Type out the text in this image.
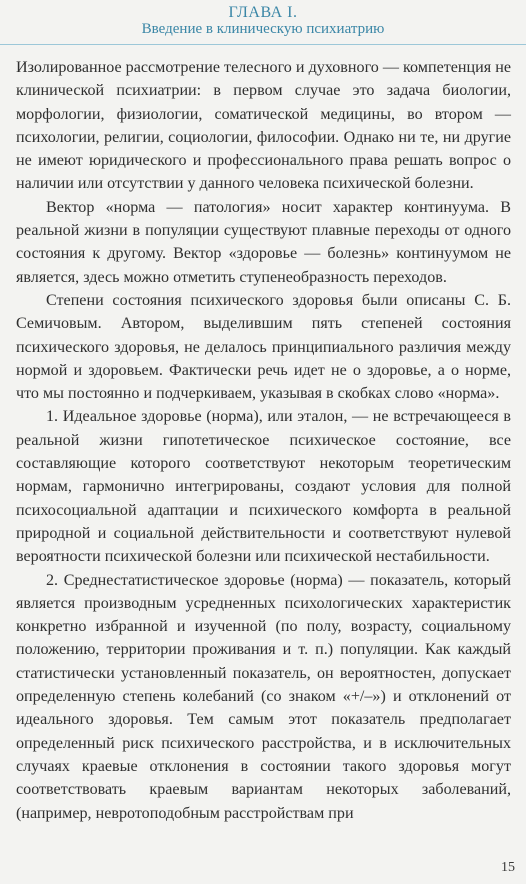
ГЛАВА I.
Введение в клиническую психиатрию

Изолированное рассмотрение телесного и духовного — компетенция не клинической психиатрии: в первом случае это задача биологии, морфологии, физиологии, соматической медицины, во втором — психологии, религии, социологии, философии. Однако ни те, ни другие не имеют юридического и профессионального права решать вопрос о наличии или отсутствии у данного человека психической болезни.

Вектор «норма — патология» носит характер континуума. В реальной жизни в популяции существуют плавные переходы от одного состояния к другому. Вектор «здоровье — болезнь» континуумом не является, здесь можно отметить ступенеобразность переходов.

Степени состояния психического здоровья были описаны С. Б. Семичовым. Автором, выделившим пять степеней состояния психического здоровья, не делалось принципиального различия между нормой и здоровьем. Фактически речь идет не о здоровье, а о норме, что мы постоянно и подчеркиваем, указывая в скобках слово «норма».

1. Идеальное здоровье (норма), или эталон, — не встречающееся в реальной жизни гипотетическое психическое состояние, все составляющие которого соответствуют некоторым теоретическим нормам, гармонично интегрированы, создают условия для полной психосоциальной адаптации и психического комфорта в реальной природной и социальной действительности и соответствуют нулевой вероятности психической болезни или психической нестабильности.

2. Среднестатистическое здоровье (норма) — показатель, который является производным усредненных психологических характеристик конкретно избранной и изученной (по полу, возрасту, социальному положению, территории проживания и т. п.) популяции. Как каждый статистически установленный показатель, он вероятностен, допускает определенную степень колебаний (со знаком «+/–») и отклонений от идеального здоровья. Тем самым этот показатель предполагает определенный риск психического расстройства, и в исключительных случаях краевые отклонения в состоянии такого здоровья могут соответствовать краевым вариантам некоторых заболеваний, (например, невротоподобным расстройствам при

15
